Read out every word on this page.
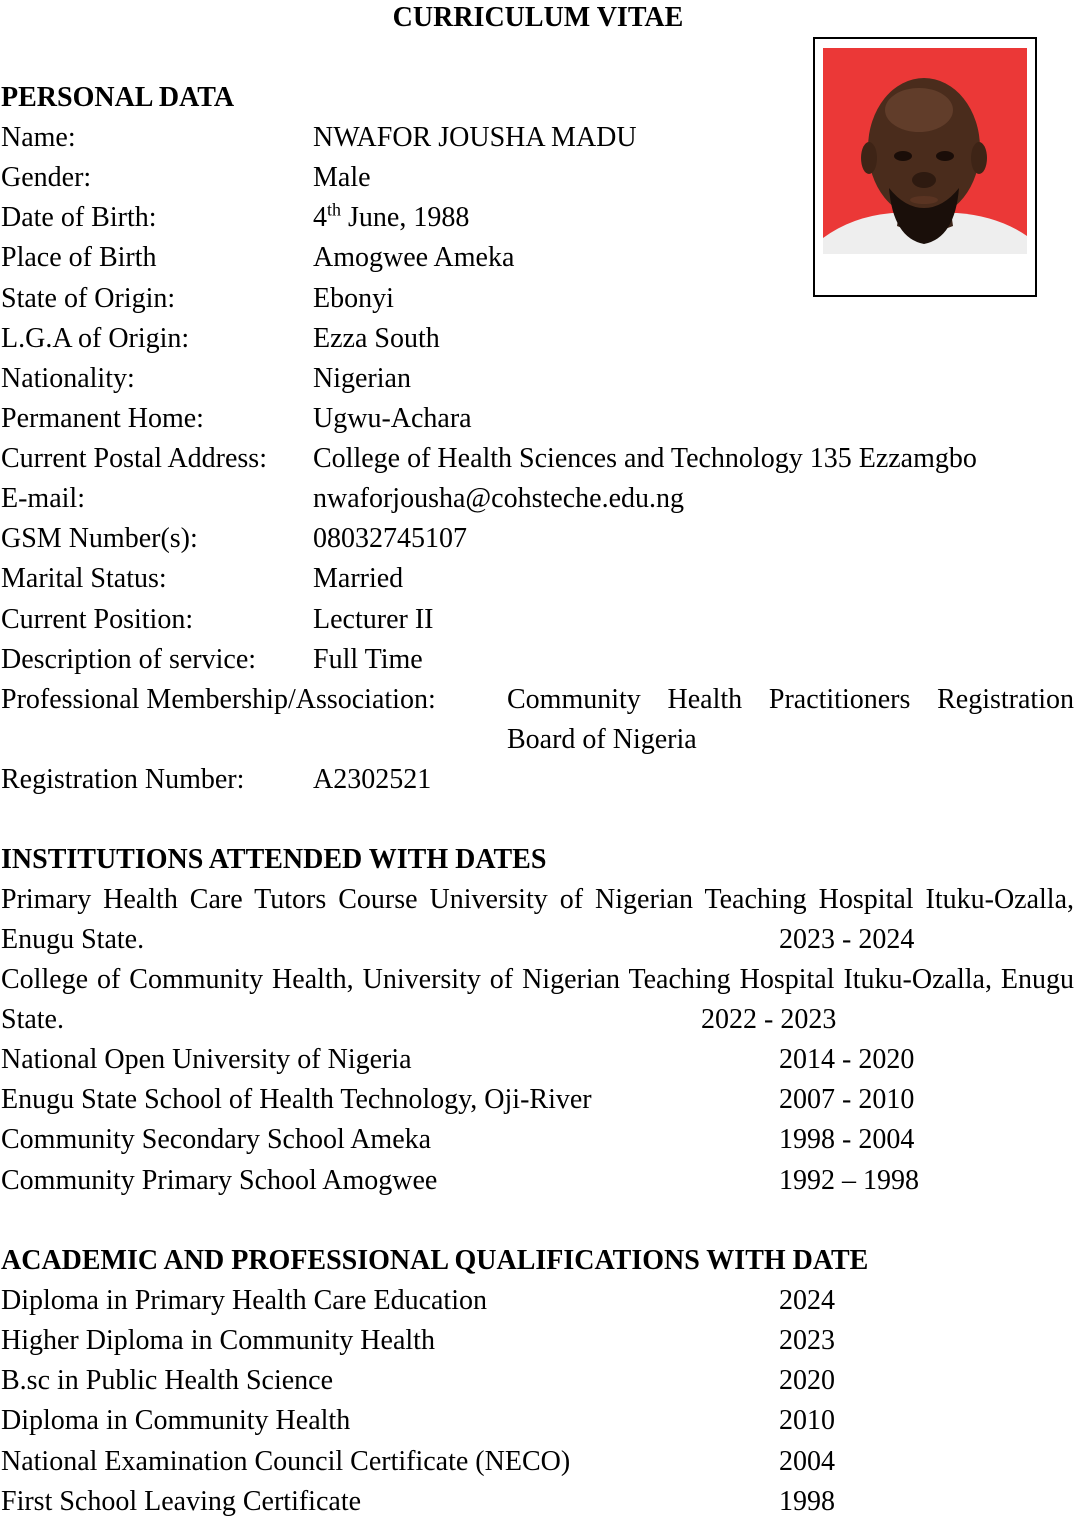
CURRICULUM VITAE
PERSONAL DATA
Name:	NWAFOR JOUSHA MADU
Gender:	Male
Date of Birth:	4th June, 1988
Place of Birth	Amogwee Ameka
State of Origin:	Ebonyi
L.G.A of Origin:	Ezza South
Nationality:	Nigerian
Permanent Home:	Ugwu-Achara
Current Postal Address: College of Health Sciences and Technology 135 Ezzamgbo
E-mail:	nwaforjousha@cohsteche.edu.ng
GSM Number(s):	08032745107
Marital Status:	Married
Current Position:	Lecturer II
Description of service: Full Time
Professional Membership/Association:	Community Health Practitioners Registration Board of Nigeria
Registration Number: A2302521
INSTITUTIONS ATTENDED WITH DATES
Primary Health Care Tutors Course University of Nigerian Teaching Hospital Ituku-Ozalla, Enugu State.	2023 - 2024
College of Community Health, University of Nigerian Teaching Hospital Ituku-Ozalla, Enugu State.	2022 - 2023
National Open University of Nigeria	2014 - 2020
Enugu State School of Health Technology, Oji-River	2007 - 2010
Community Secondary School Ameka	1998 - 2004
Community Primary School Amogwee	1992 – 1998
ACADEMIC AND PROFESSIONAL QUALIFICATIONS WITH DATE
Diploma in Primary Health Care Education	2024
Higher Diploma in Community Health	2023
B.sc in Public Health Science	2020
Diploma in Community Health	2010
National Examination Council Certificate (NECO)	2004
First School Leaving Certificate	1998
